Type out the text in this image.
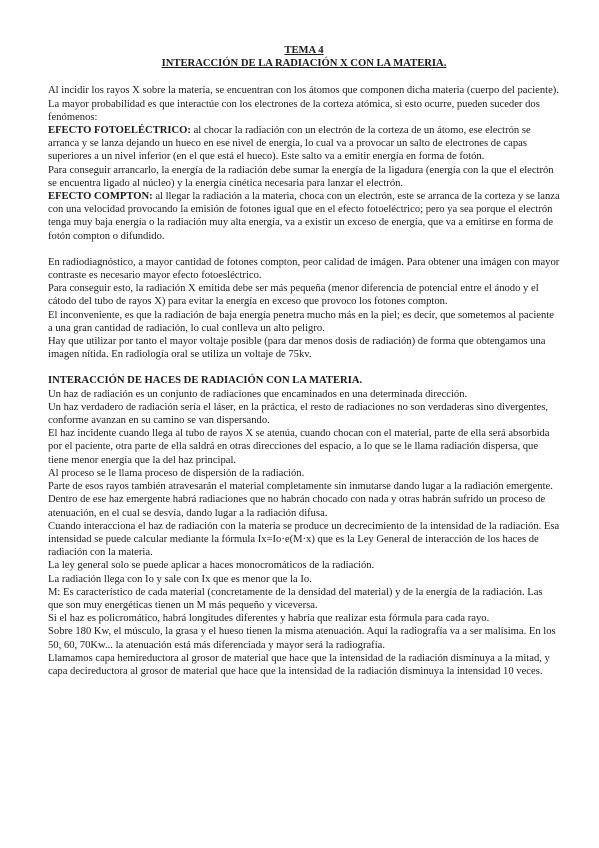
TEMA 4

INTERACCIÓN DE LA RADIACIÓN X CON LA MATERIA.

Al incidir los rayos X sobre la materia, se encuentran con los átomos que componen dicha materia (cuerpo del paciente). La mayor probabilidad es que interactúe con los electrones de la corteza atómica, si esto ocurre, pueden suceder dos fenómenos:

EFECTO FOTOELÉCTRICO: al chocar la radiación con un electrón de la corteza de un átomo, ese electrón se arranca y se lanza dejando un hueco en ese nivel de energía, lo cual va a provocar un salto de electrones de capas superiores a un nivel inferior (en el que está el hueco). Este salto va a emitir energía en forma de fotón.

Para conseguir arrancarlo, la energía de la radiación debe sumar la energía de la ligadura (energía con la que el electrón se encuentra ligado al núcleo) y la energía cinética necesaria para lanzar el electrón.

EFECTO COMPTON: al llegar la radiación a la materia, choca con un electrón, este se arranca de la corteza y se lanza con una velocidad provocando la emisión de fotones igual que en el efecto fotoeléctrico; pero ya sea porque el electrón tenga muy baja energía o la radiación muy alta energía, va a existir un exceso de energía, que va a emitirse en forma de fotón compton o difundido.

En radiodiagnóstico, a mayor cantidad de fotones compton, peor calidad de imágen. Para obtener una imágen con mayor contraste es necesario mayor efecto fotoesléctrico.

Para conseguir esto, la radiación X emitida debe ser más pequeña (menor diferencia de potencial entre el ánodo y el cátodo del tubo de rayos X) para evitar la energía en exceso que provoco los fotones compton.

El inconveniente, es que la radiación de baja energía penetra mucho más en la piel; es decir, que sometemos al paciente a una gran cantidad de radiación, lo cual conlleva un alto peligro.

Hay que utilizar por tanto el mayor voltaje posible (para dar menos dosis de radiación) de forma que obtengamos una imagen nítida. En radiología oral se utiliza un voltaje de 75kv.

INTERACCIÓN DE HACES DE RADIACIÓN CON LA MATERIA.

Un haz de radiación es un conjunto de radiaciones que encaminados en una determinada dirección.

Un haz verdadero de radiación sería el láser, en la práctica, el resto de radiaciones no son verdaderas sino divergentes, conforme avanzan en su camino se van dispersando.

El haz incidente cuando llega al tubo de rayos X se atenúa, cuando chocan con el material, parte de ella será absorbida por el paciente, otra parte de ella saldrá en otras direcciones del espacio, a lo que se le llama radiación dispersa, que tiene menor energía que la del haz principal.

Al proceso se le llama proceso de dispersión de la radiación.

Parte de esos rayos también atravesarán el material completamente sin inmutarse dando lugar a la radiación emergente. Dentro de ese haz emergente habrá radiaciones que no habrán chocado con nada y otras habrán sufrido un proceso de atenuación, en el cual se desvía, dando lugar a la radiación difusa.

Cuando interacciona el haz de radiación con la materia se produce un decrecimiento de la intensidad de la radiación. Esa intensidad se puede calcular mediante la fórmula Ix=Io·e(M·x) que es la Ley General de interacción de los haces de radiación con la materia.

La ley general solo se puede aplicar a haces monocromáticos de la radiación.

La radiación llega con Io y sale con Ix que es menor que la Io.

M: Es característico de cada material (concretamente de la densidad del material) y de la energía de la radiación. Las que son muy energéticas tienen un M más pequeño y viceversa.

Si el haz es policromático, habrá longitudes diferentes y habría que realizar esta fórmula para cada rayo.

Sobre 180 Kw, el músculo, la grasa y el hueso tienen la misma atenuación. Aquí la radiografía va a ser malísima. En los 50, 60, 70Kw... la atenuación está más diferenciada y mayor será la radiografía.

Llamamos capa hemireductora al grosor de material que hace que la intensidad de la radiación disminuya a la mitad, y capa decireductora al grosor de material que hace que la intensidad de la radiación disminuya la intensidad 10 veces.
